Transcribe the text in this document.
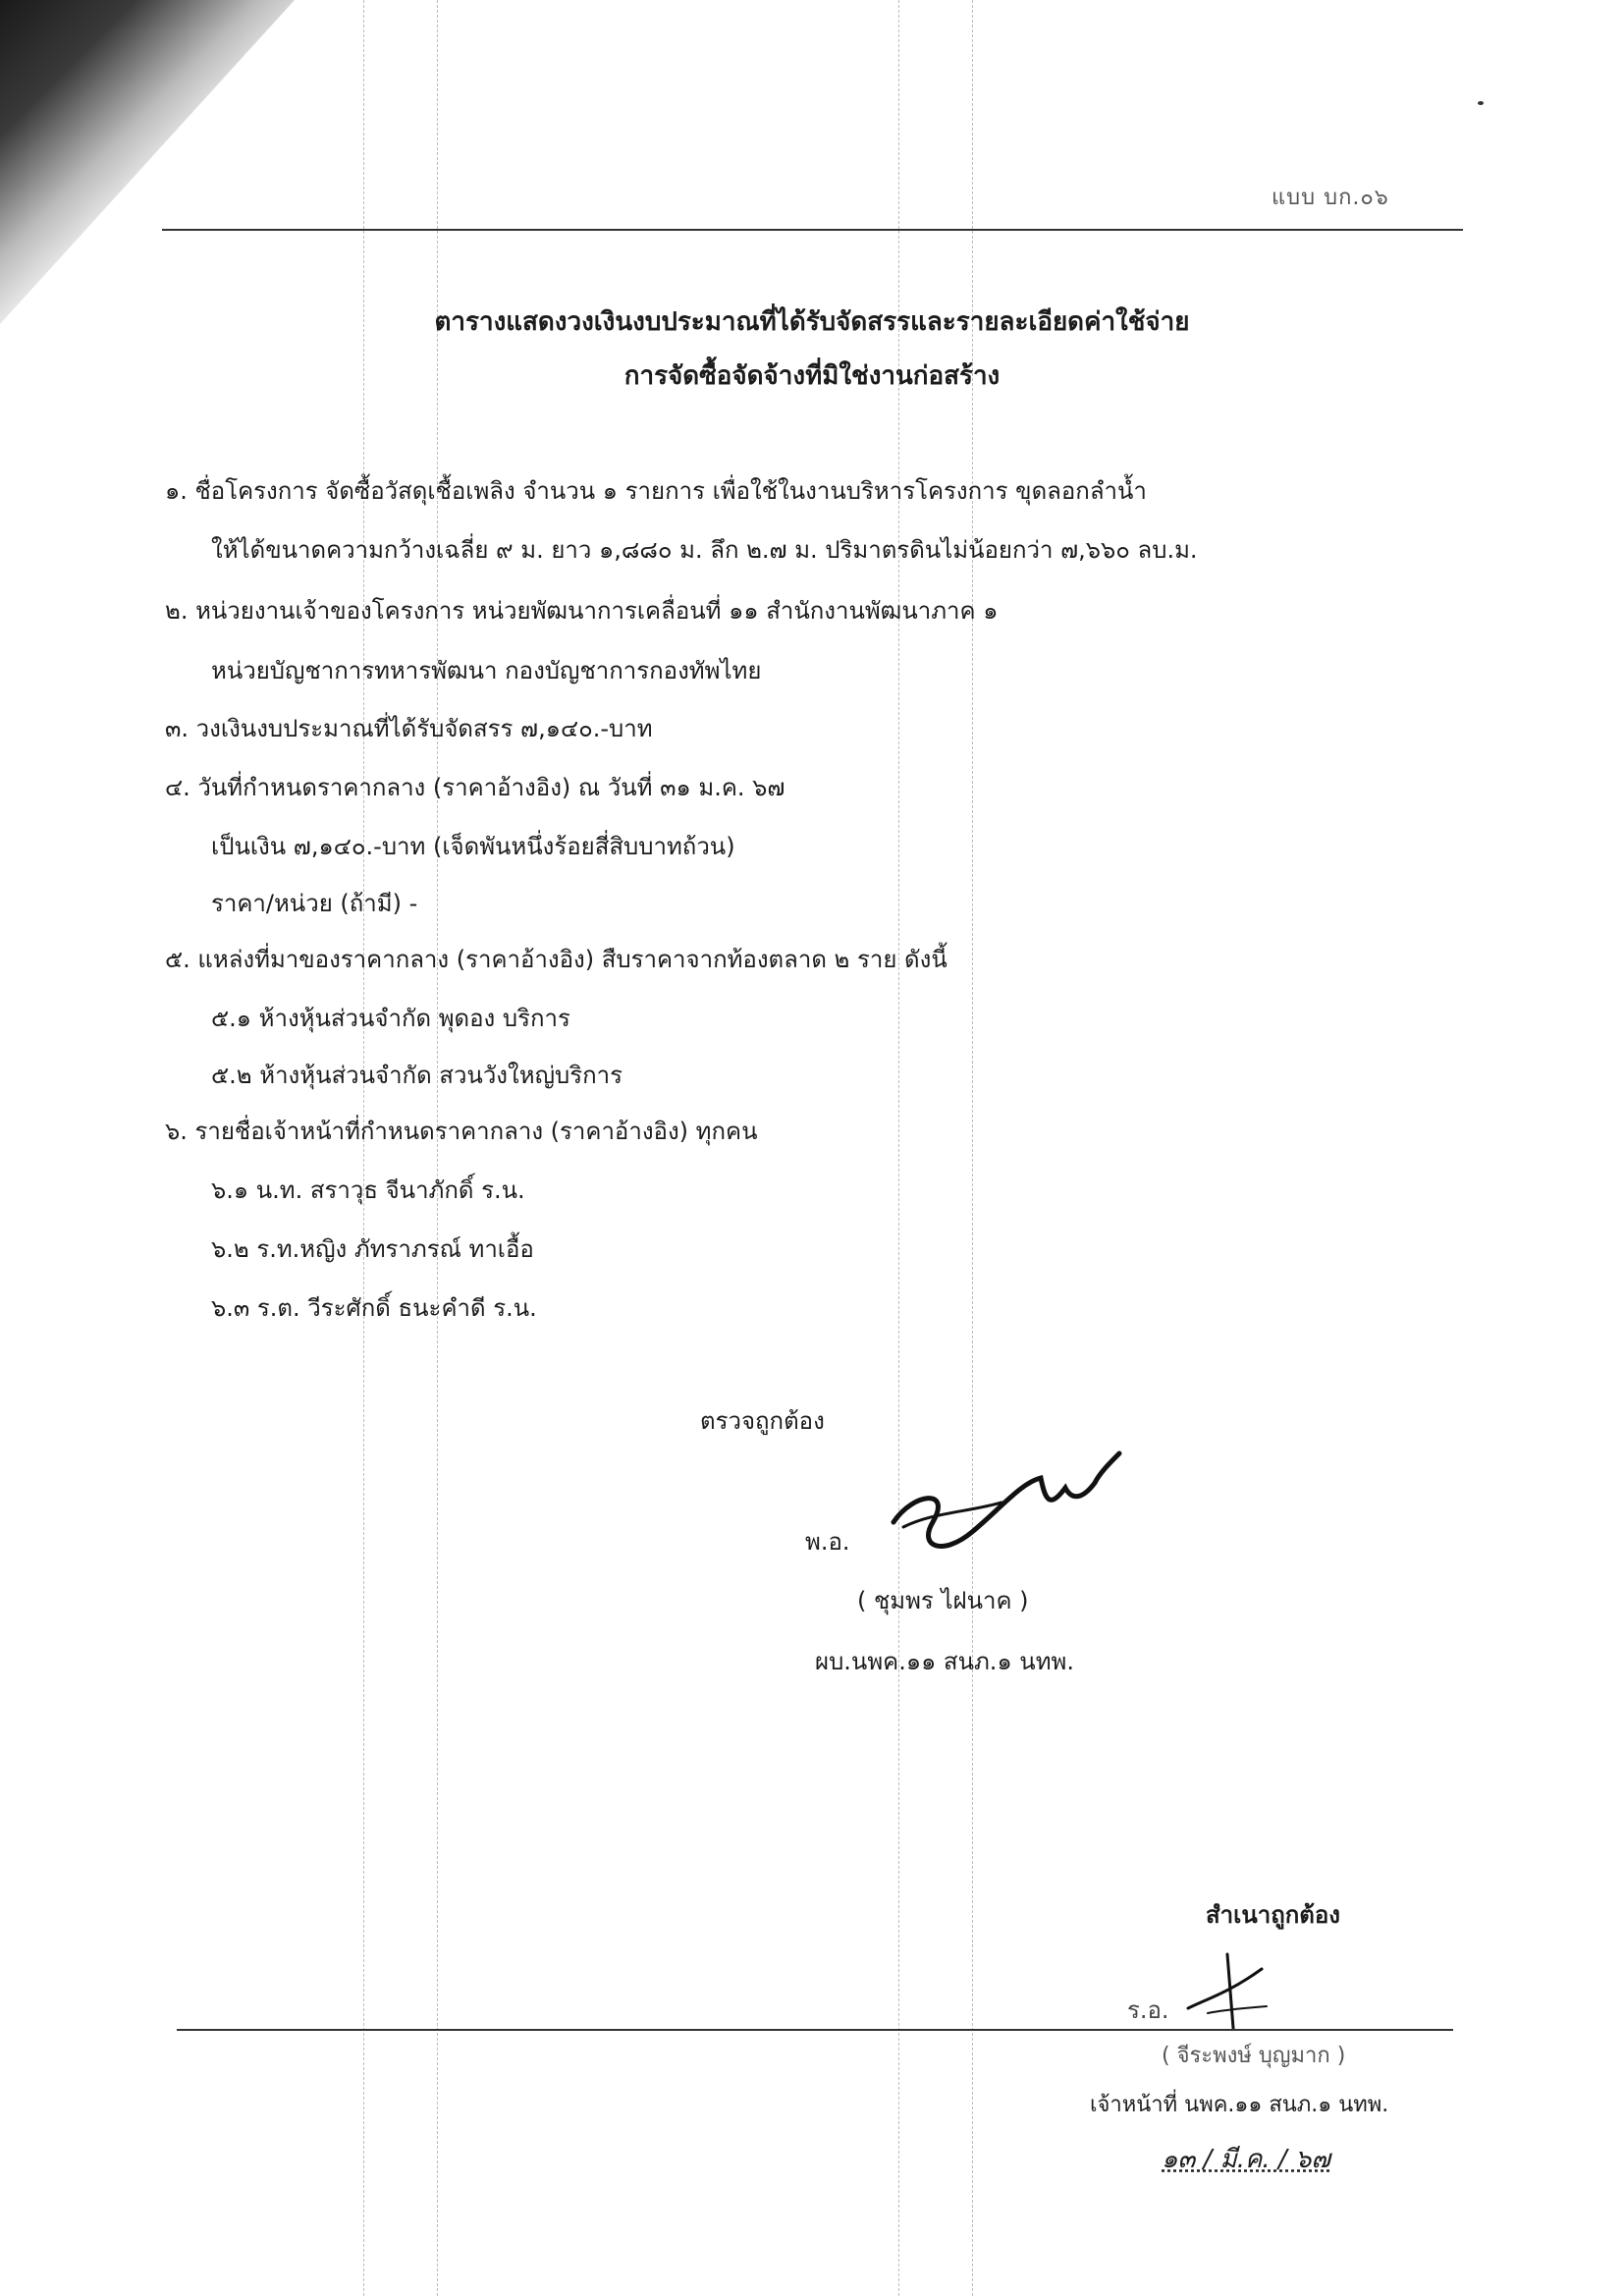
แบบ บก.๐๖
ตารางแสดงวงเงินงบประมาณที่ได้รับจัดสรรและรายละเอียดค่าใช้จ่าย
การจัดซื้อจัดจ้างที่มิใช่งานก่อสร้าง
๑. ชื่อโครงการ จัดซื้อวัสดุเชื้อเพลิง จำนวน ๑ รายการ เพื่อใช้ในงานบริหารโครงการ ขุดลอกลำน้ำ
ให้ได้ขนาดความกว้างเฉลี่ย ๙ ม. ยาว ๑,๘๘๐ ม. ลึก ๒.๗ ม. ปริมาตรดินไม่น้อยกว่า ๗,๖๖๐ ลบ.ม.
๒. หน่วยงานเจ้าของโครงการ หน่วยพัฒนาการเคลื่อนที่ ๑๑ สำนักงานพัฒนาภาค ๑
หน่วยบัญชาการทหารพัฒนา กองบัญชาการกองทัพไทย
๓. วงเงินงบประมาณที่ได้รับจัดสรร ๗,๑๔๐.-บาท
๔. วันที่กำหนดราคากลาง (ราคาอ้างอิง) ณ วันที่ ๓๑ ม.ค. ๖๗
เป็นเงิน ๗,๑๔๐.-บาท (เจ็ดพันหนึ่งร้อยสี่สิบบาทถ้วน)
ราคา/หน่วย (ถ้ามี) -
๕. แหล่งที่มาของราคากลาง (ราคาอ้างอิง) สืบราคาจากท้องตลาด ๒ ราย ดังนี้
๕.๑ ห้างหุ้นส่วนจำกัด พุดอง บริการ
๕.๒ ห้างหุ้นส่วนจำกัด สวนวังใหญ่บริการ
๖. รายชื่อเจ้าหน้าที่กำหนดราคากลาง (ราคาอ้างอิง) ทุกคน
๖.๑ น.ท. สราวุธ จีนาภักดิ์ ร.น.
๖.๒ ร.ท.หญิง ภัทราภรณ์ ทาเอื้อ
๖.๓ ร.ต. วีระศักดิ์ ธนะคำดี ร.น.
ตรวจถูกต้อง
พ.อ.
( ชุมพร ไฝนาค )
ผบ.นพค.๑๑ สนภ.๑ นทพ.
สำเนาถูกต้อง
ร.อ.
( จีระพงษ์ บุญมาก )
เจ้าหน้าที่ นพค.๑๑ สนภ.๑ นทพ.
๑๓ / มี.ค. / ๖๗
